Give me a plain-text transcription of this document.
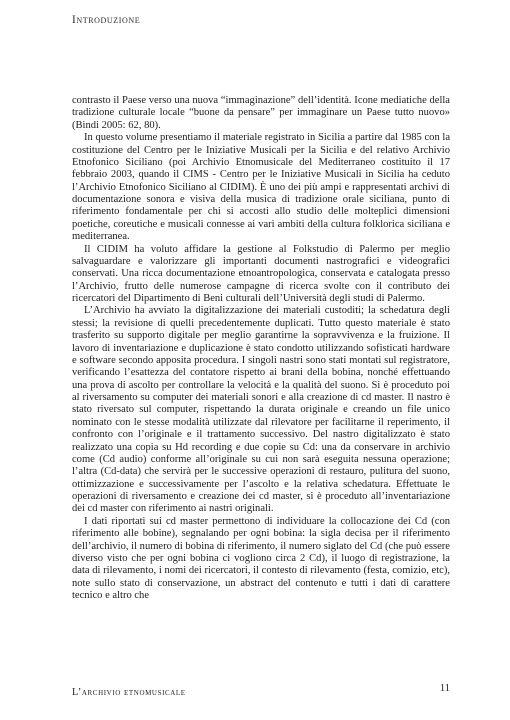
Introduzione

contrasto il Paese verso una nuova “immaginazione” dell’identità. Icone mediatiche della tradizione culturale locale “buone da pensare” per immaginare un Paese tutto nuovo» (Bindi 2005: 62, 80).

In questo volume presentiamo il materiale registrato in Sicilia a partire dal 1985 con la costituzione del Centro per le Iniziative Musicali per la Sicilia e del relativo Archivio Etnofonico Siciliano (poi Archivio Etnomusicale del Mediterraneo costituito il 17 febbraio 2003, quando il CIMS - Centro per le Iniziative Musicali in Sicilia ha ceduto l’Archivio Etnofonico Siciliano al CIDIM). È uno dei più ampi e rappresentati archivi di documentazione sonora e visiva della musica di tradizione orale siciliana, punto di riferimento fondamentale per chi si accosti allo studio delle molteplici dimensioni poetiche, coreutiche e musicali connesse ai vari ambiti della cultura folklorica siciliana e mediterranea.

Il CIDIM ha voluto affidare la gestione al Folkstudio di Palermo per meglio salvaguardare e valorizzare gli importanti documenti nastrografici e videografici conservati. Una ricca documentazione etnoantropologica, conservata e catalogata presso l’Archivio, frutto delle numerose campagne di ricerca svolte con il contributo dei ricercatori del Dipartimento di Beni culturali dell’Università degli studi di Palermo.

L’Archivio ha avviato la digitalizzazione dei materiali custoditi; la schedatura degli stessi; la revisione di quelli precedentemente duplicati. Tutto questo materiale è stato trasferito su supporto digitale per meglio garantirne la sopravvivenza e la fruizione. Il lavoro di inventariazione e duplicazione è stato condotto utilizzando sofisticati hardware e software secondo apposita procedura. I singoli nastri sono stati montati sul registratore, verificando l’esattezza del contatore rispetto ai brani della bobina, nonché effettuando una prova di ascolto per controllare la velocità e la qualità del suono. Si è proceduto poi al riversamento su computer dei materiali sonori e alla creazione di cd master. Il nastro è stato riversato sul computer, rispettando la durata originale e creando un file unico nominato con le stesse modalità utilizzate dal rilevatore per facilitarne il reperimento, il confronto con l’originale e il trattamento successivo. Del nastro digitalizzato è stato realizzato una copia su Hd recording e due copie su Cd: una da conservare in archivio come (Cd audio) conforme all’originale su cui non sarà eseguita nessuna operazione; l’altra (Cd-data) che servirà per le successive operazioni di restauro, pulitura del suono, ottimizzazione e successivamente per l’ascolto e la relativa schedatura. Effettuate le operazioni di riversamento e creazione dei cd master, si è proceduto all’inventariazione dei cd master con riferimento ai nastri originali.

I dati riportati sui cd master permettono di individuare la collocazione dei Cd (con riferimento alle bobine), segnalando per ogni bobina: la sigla decisa per il riferimento dell’archivio, il numero di bobina di riferimento, il numero siglato del Cd (che può essere diverso visto che per ogni bobina ci vogliono circa 2 Cd), il luogo di registrazione, la data di rilevamento, i nomi dei ricercatori, il contesto di rilevamento (festa, comizio, etc), note sullo stato di conservazione, un abstract del contenuto e tutti i dati di carattere tecnico e altro che

L’archivio etnomusicale	11
